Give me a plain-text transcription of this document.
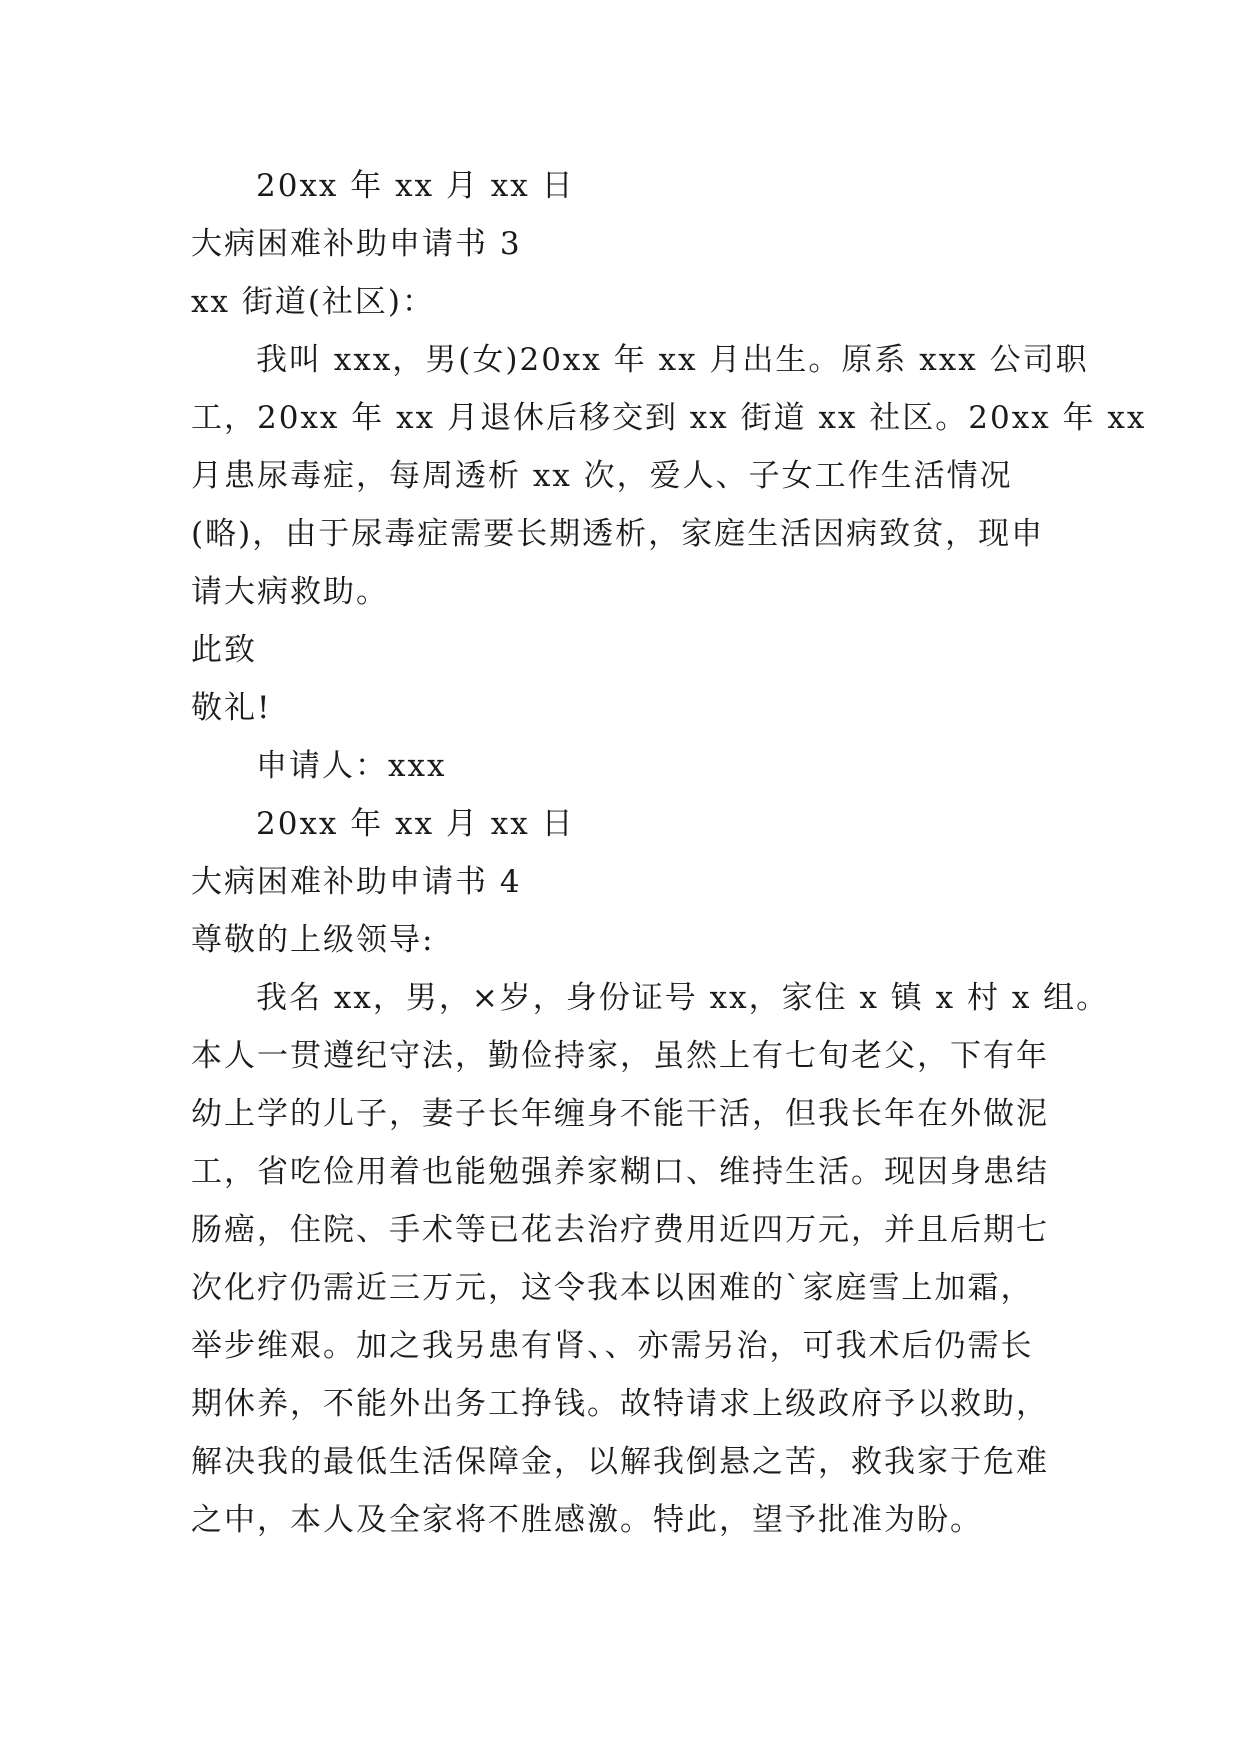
20xx 年 xx 月 xx 日
大病困难补助申请书 3
xx 街道(社区)：
我叫 xxx，男(女)20xx 年 xx 月出生。原系 xxx 公司职
工，20xx 年 xx 月退休后移交到 xx 街道 xx 社区。20xx 年 xx
月患尿毒症，每周透析 xx 次，爱人、子女工作生活情况
(略)，由于尿毒症需要长期透析，家庭生活因病致贫，现申
请大病救助。
此致
敬礼!
申请人：xxx
20xx 年 xx 月 xx 日
大病困难补助申请书 4
尊敬的上级领导:
我名 xx，男，×岁，身份证号 xx，家住 x 镇 x 村 x 组。
本人一贯遵纪守法，勤俭持家，虽然上有七旬老父，下有年
幼上学的儿子，妻子长年缠身不能干活，但我长年在外做泥
工，省吃俭用着也能勉强养家糊口、维持生活。现因身患结
肠癌，住院、手术等已花去治疗费用近四万元，并且后期七
次化疗仍需近三万元，这令我本以困难的`家庭雪上加霜，
举步维艰。加之我另患有肾、、亦需另治，可我术后仍需长
期休养，不能外出务工挣钱。故特请求上级政府予以救助，
解决我的最低生活保障金，以解我倒悬之苦，救我家于危难
之中，本人及全家将不胜感激。特此，望予批准为盼。
